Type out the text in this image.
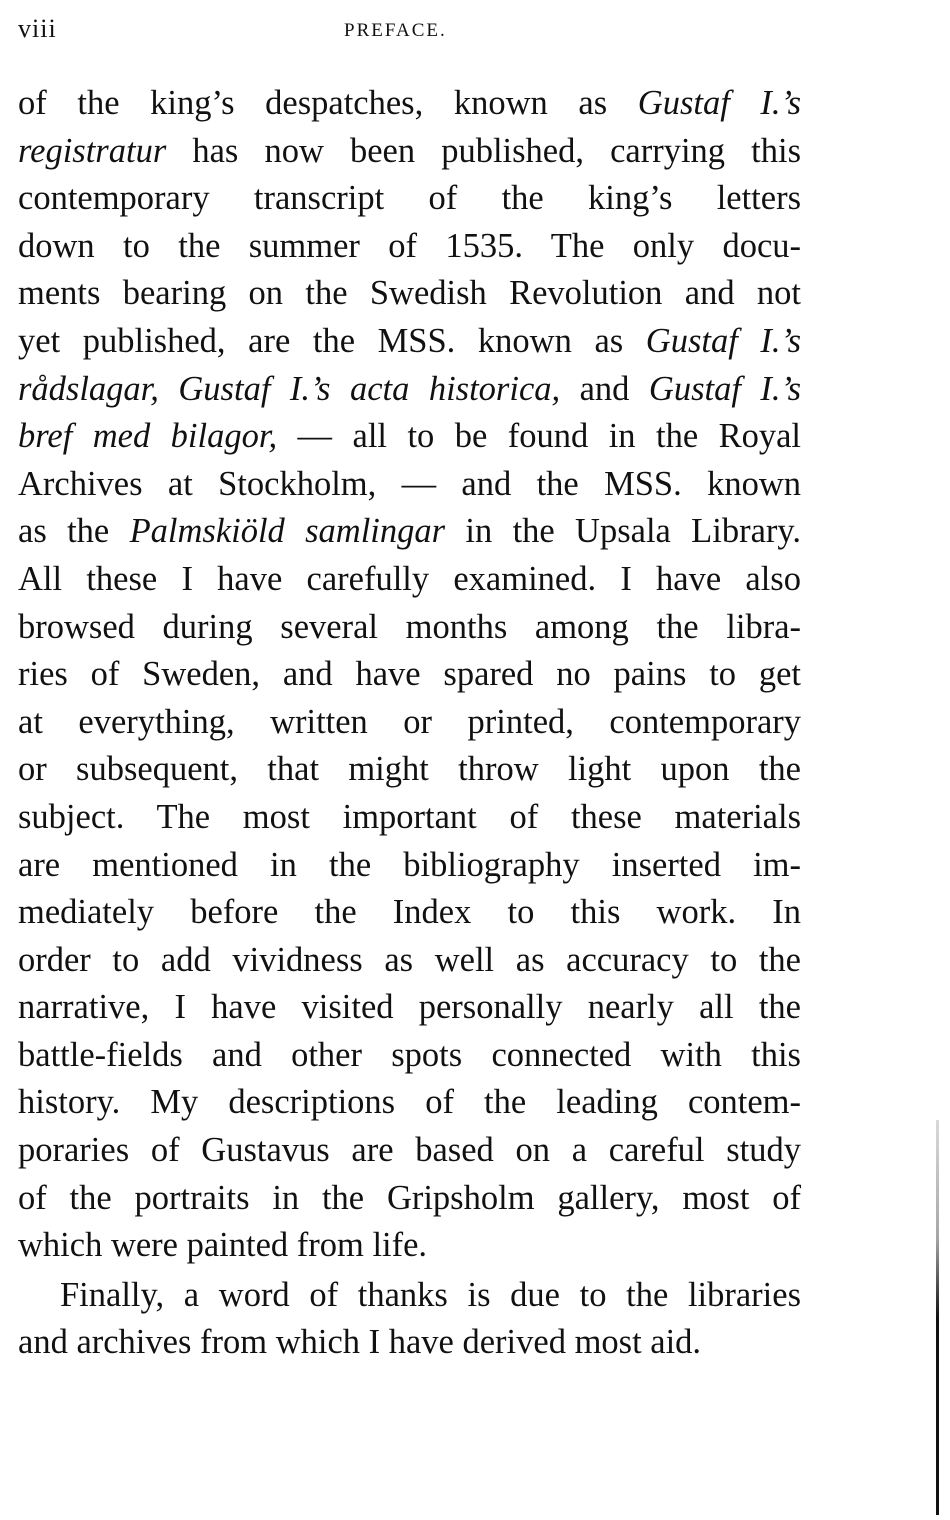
viii	PREFACE.
of the king’s despatches, known as Gustaf I.’s
registratur has now been published, carrying this
contemporary transcript of the king’s letters
down to the summer of 1535. The only docu-
ments bearing on the Swedish Revolution and not
yet published, are the MSS. known as Gustaf I.’s
rådslagar, Gustaf I.’s acta historica, and Gustaf I.’s
bref med bilagor, — all to be found in the Royal
Archives at Stockholm, — and the MSS. known
as the Palmskiöld samlingar in the Upsala Library.
All these I have carefully examined. I have also
browsed during several months among the libra-
ries of Sweden, and have spared no pains to get
at everything, written or printed, contemporary
or subsequent, that might throw light upon the
subject. The most important of these materials
are mentioned in the bibliography inserted im-
mediately before the Index to this work. In
order to add vividness as well as accuracy to the
narrative, I have visited personally nearly all the
battle-fields and other spots connected with this
history. My descriptions of the leading contem-
poraries of Gustavus are based on a careful study
of the portraits in the Gripsholm gallery, most of
which were painted from life.
Finally, a word of thanks is due to the libraries
and archives from which I have derived most aid.
